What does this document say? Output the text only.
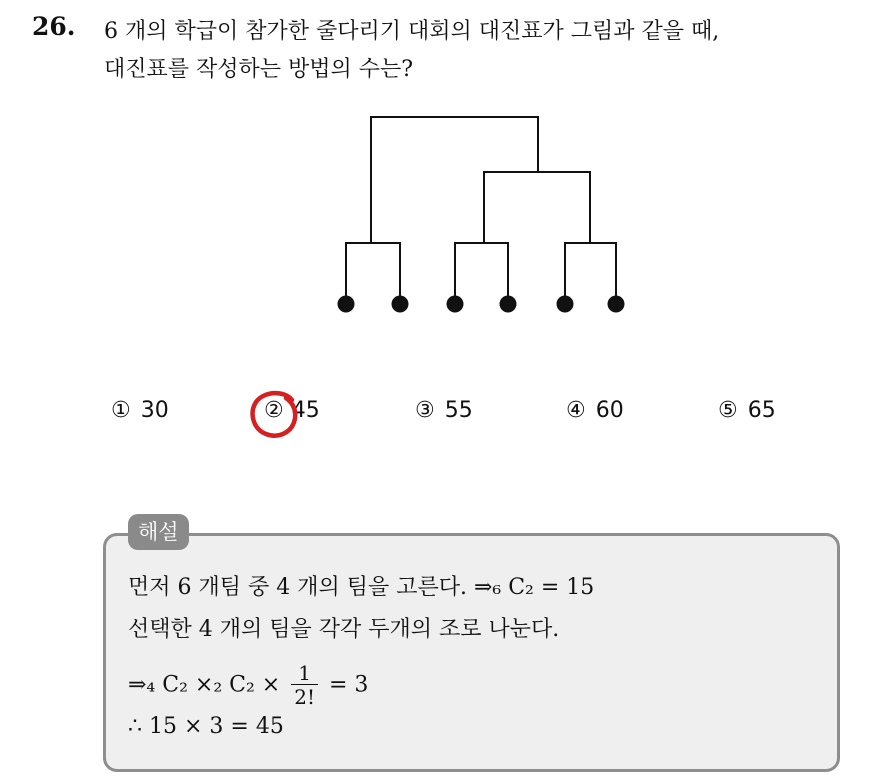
26. 6 개의 학급이 참가한 줄다리기 대회의 대진표가 그림과 같을 때,
대진표를 작성하는 방법의 수는?
① 30	② 45	③ 55	④ 60	⑤ 65
해설
먼저 6 개팀 중 4 개의 팀을 고른다. ⇒₆ C₂ = 15
선택한 4 개의 팀을 각각 두개의 조로 나눈다.
⇒₄ C₂ ×₂ $C_2 \times \frac{1}{2!} = 3$
∴ 15 × 3 = 45
